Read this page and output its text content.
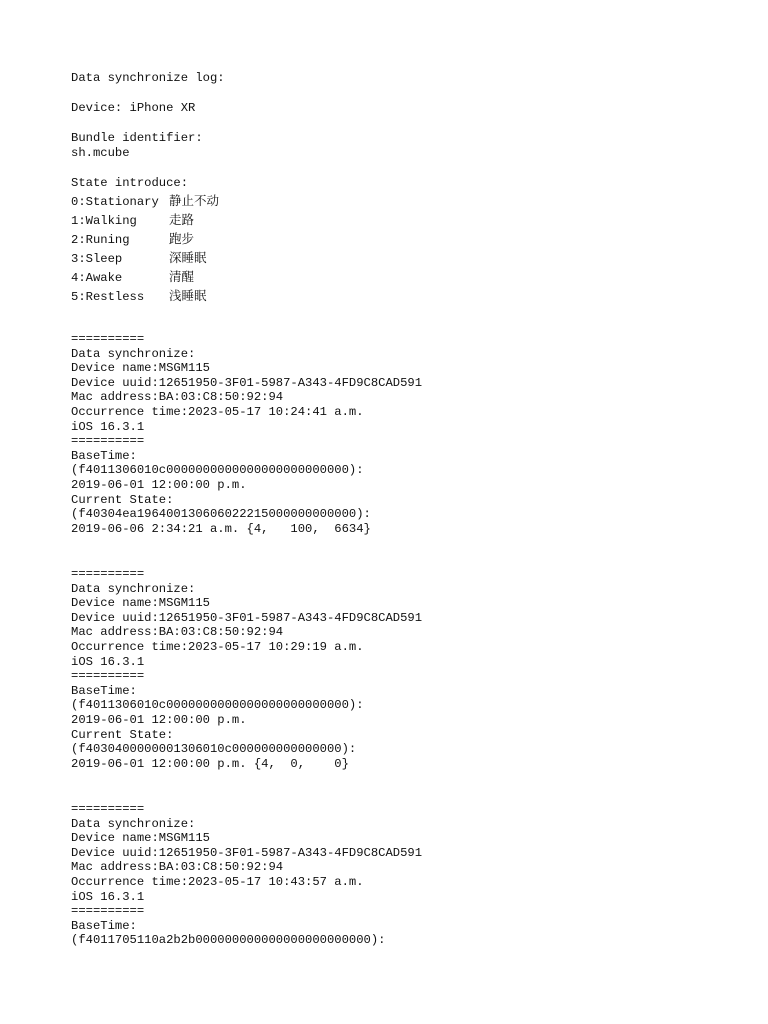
Data synchronize log:
Device: iPhone XR
Bundle identifier:
sh.mcube
State introduce:
0:Stationary 静止不动
1:Walking	走路
2:Runing	跑步
3:Sleep	深睡眠
4:Awake	清醒
5:Restless 浅睡眠
==========
Data synchronize:
Device name:MSGM115
Device uuid:12651950-3F01-5987-A343-4FD9C8CAD591
Mac address:BA:03:C8:50:92:94
Occurrence time:2023-05-17 10:24:41 a.m.
iOS 16.3.1
==========
BaseTime:
(f4011306010c0000000000000000000000000):
2019-06-01 12:00:00 p.m.
Current State:
(f40304ea196400130606022215000000000000):
2019-06-06 2:34:21 a.m. {4,   100,  6634}
==========
Data synchronize:
Device name:MSGM115
Device uuid:12651950-3F01-5987-A343-4FD9C8CAD591
Mac address:BA:03:C8:50:92:94
Occurrence time:2023-05-17 10:29:19 a.m.
iOS 16.3.1
==========
BaseTime:
(f4011306010c0000000000000000000000000):
2019-06-01 12:00:00 p.m.
Current State:
(f4030400000001306010c000000000000000):
2019-06-01 12:00:00 p.m. {4,  0,    0}
==========
Data synchronize:
Device name:MSGM115
Device uuid:12651950-3F01-5987-A343-4FD9C8CAD591
Mac address:BA:03:C8:50:92:94
Occurrence time:2023-05-17 10:43:57 a.m.
iOS 16.3.1
==========
BaseTime:
(f4011705110a2b2b000000000000000000000000):
